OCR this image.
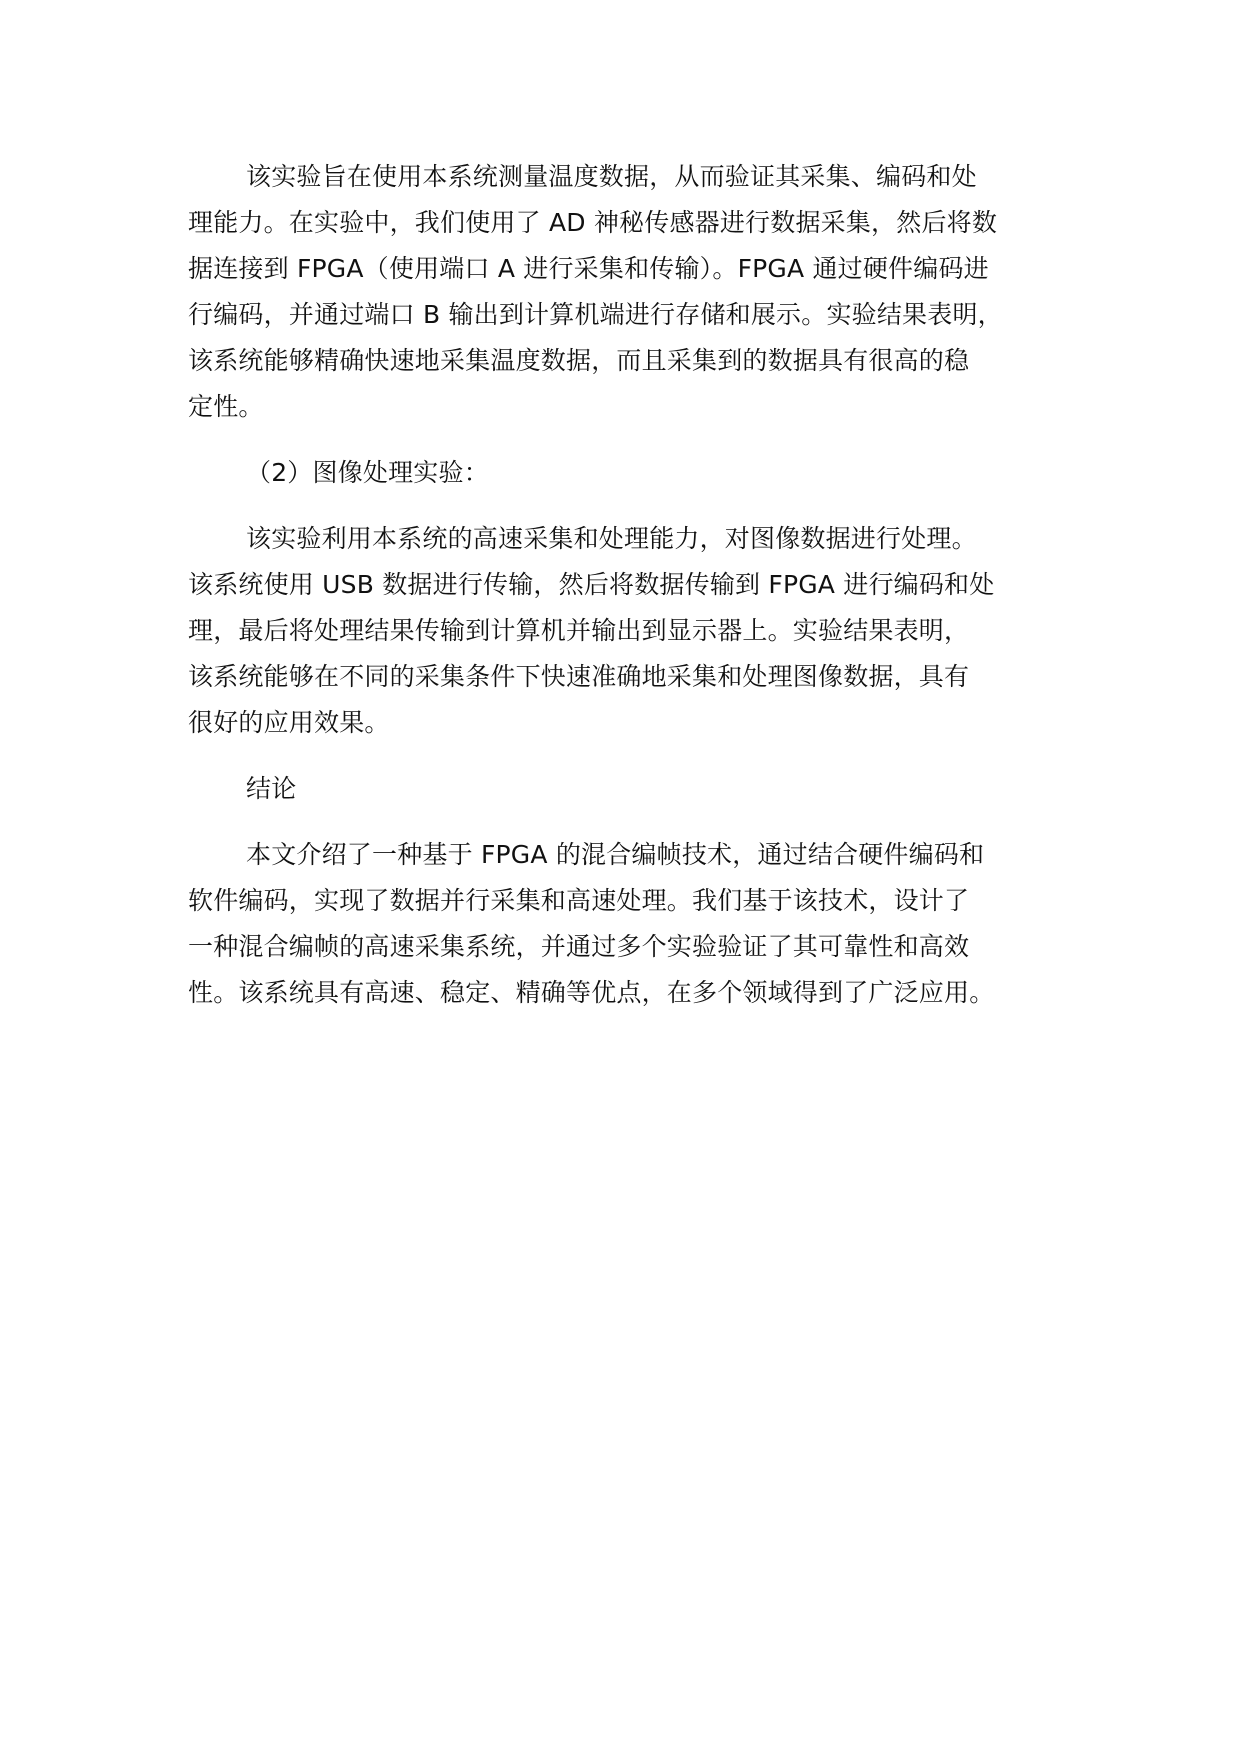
该实验旨在使用本系统测量温度数据，从而验证其采集、编码和处
理能力。在实验中，我们使用了 AD 神秘传感器进行数据采集，然后将数
据连接到 FPGA（使用端口 A 进行采集和传输）。FPGA 通过硬件编码进
行编码，并通过端口 B 输出到计算机端进行存储和展示。实验结果表明，
该系统能够精确快速地采集温度数据，而且采集到的数据具有很高的稳
定性。
（2）图像处理实验：
该实验利用本系统的高速采集和处理能力，对图像数据进行处理。
该系统使用 USB 数据进行传输，然后将数据传输到 FPGA 进行编码和处
理，最后将处理结果传输到计算机并输出到显示器上。实验结果表明，
该系统能够在不同的采集条件下快速准确地采集和处理图像数据，具有
很好的应用效果。
结论
本文介绍了一种基于 FPGA 的混合编帧技术，通过结合硬件编码和
软件编码，实现了数据并行采集和高速处理。我们基于该技术，设计了
一种混合编帧的高速采集系统，并通过多个实验验证了其可靠性和高效
性。该系统具有高速、稳定、精确等优点，在多个领域得到了广泛应用。
